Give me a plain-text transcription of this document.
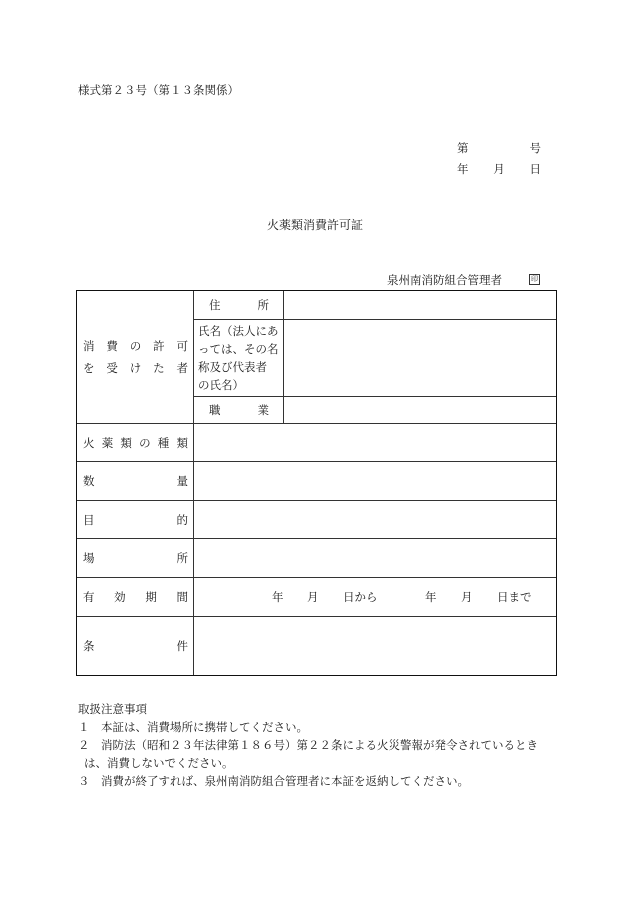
様式第２３号（第１３条関係）
第	号
年 月 日
火薬類消費許可証
泉州南消防組合管理者	印
消 費 の 許 可
を 受 け た 者
住	所
氏名（法人にあ
っては、その名
称及び代表者
の氏名）
職	業
火 薬 類 の 種 類
数	量
目	的
場	所
有 効 期 間	年 月 日から	年 月 日まで
条	件
取扱注意事項
１　本証は、消費場所に携帯してください。
２　消防法（昭和２３年法律第１８６号）第２２条による火災警報が発令されているとき
は、消費しないでください。
３　消費が終了すれば、泉州南消防組合管理者に本証を返納してください。
